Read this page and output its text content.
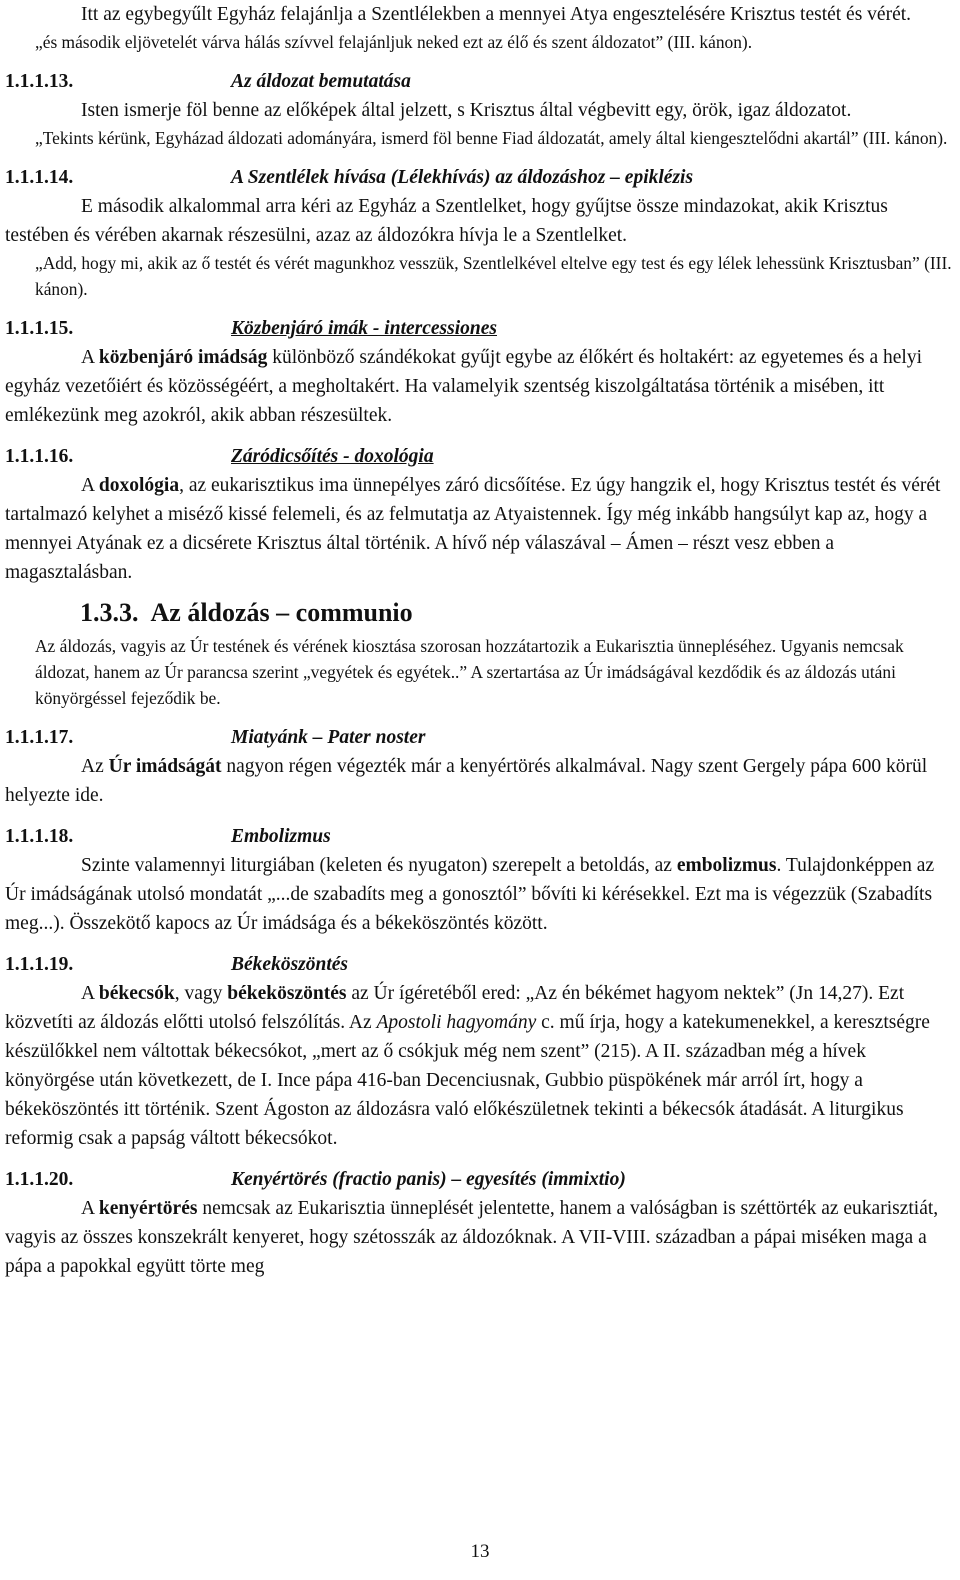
Itt az egybegyűlt Egyház felajánlja a Szentlélekben a mennyei Atya engesztelésére Krisztus testét és vérét.

„és második eljövetelét várva hálás szívvel felajánljuk neked ezt az élő és szent áldozatot” (III. kánon).

1.1.1.13.	Az áldozat bemutatása

Isten ismerje föl benne az előképek által jelzett, s Krisztus által végbevitt egy, örök, igaz áldozatot.

„Tekints kérünk, Egyházad áldozati adományára, ismerd föl benne Fiad áldozatát, amely által kiengesztelődni akartál” (III. kánon).

1.1.1.14.	A Szentlélek hívása (Lélekhívás) az áldozáshoz – epiklézis

E második alkalommal arra kéri az Egyház a Szentlelket, hogy gyűjtse össze mindazokat, akik Krisztus testében és vérében akarnak részesülni, azaz az áldozókra hívja le a Szentlelket.

„Add, hogy mi, akik az ő testét és vérét magunkhoz vesszük, Szentlelkével eltelve egy test és egy lélek lehessünk Krisztusban” (III. kánon).

1.1.1.15.	Közbenjáró imák - intercessiones

A közbenjáró imádság különböző szándékokat gyűjt egybe az élőkért és holtakért: az egyetemes és a helyi egyház vezetőiért és közösségéért, a megholtakért. Ha valamelyik szentség kiszolgáltatása történik a misében, itt emlékezünk meg azokról, akik abban részesültek.

1.1.1.16.	Záródicsőítés - doxológia

A doxológia, az eukarisztikus ima ünnepélyes záró dicsőítése. Ez úgy hangzik el, hogy Krisztus testét és vérét tartalmazó kelyhet a miséző kissé felemeli, és az felmutatja az Atyaistennek. Így még inkább hangsúlyt kap az, hogy a mennyei Atyának ez a dicsérete Krisztus által történik. A hívő nép válaszával – Ámen – részt vesz ebben a magasztalásban.

1.3.3. Az áldozás – communio

Az áldozás, vagyis az Úr testének és vérének kiosztása szorosan hozzátartozik a Eukarisztia ünnepléséhez. Ugyanis nemcsak áldozat, hanem az Úr parancsa szerint „vegyétek és egyétek..” A szertartása az Úr imádságával kezdődik és az áldozás utáni könyörgéssel fejeződik be.

1.1.1.17.	Miatyánk – Pater noster

Az Úr imádságát nagyon régen végezték már a kenyértörés alkalmával. Nagy szent Gergely pápa 600 körül helyezte ide.

1.1.1.18.	Embolizmus

Szinte valamennyi liturgiában (keleten és nyugaton) szerepelt a betoldás, az embolizmus. Tulajdonképpen az Úr imádságának utolsó mondatát „...de szabadíts meg a gonosztól” bővíti ki kérésekkel. Ezt ma is végezzük (Szabadíts meg...). Összekötő kapocs az Úr imádsága és a békeköszöntés között.

1.1.1.19.	Békeköszöntés

A békecsók, vagy békeköszöntés az Úr ígéretéből ered: „Az én békémet hagyom nektek” (Jn 14,27). Ezt közvetíti az áldozás előtti utolsó felszólítás. Az Apostoli hagyomány c. mű írja, hogy a katekumenekkel, a keresztségre készülőkkel nem váltottak békecsókot, „mert az ő csókjuk még nem szent” (215). A II. században még a hívek könyörgése után következett, de I. Ince pápa 416-ban Decenciusnak, Gubbio püspökének már arról írt, hogy a békeköszöntés itt történik. Szent Ágoston az áldozásra való előkészületnek tekinti a békecsók átadását. A liturgikus reformig csak a papság váltott békecsókot.

1.1.1.20.	Kenyértörés (fractio panis) – egyesítés (immixtio)

A kenyértörés nemcsak az Eukarisztia ünneplését jelentette, hanem a valóságban is széttörték az eukarisztiát, vagyis az összes konszekrált kenyeret, hogy szétosszák az áldozóknak. A VII-VIII. században a pápai miséken maga a pápa a papokkal együtt törte meg

13
